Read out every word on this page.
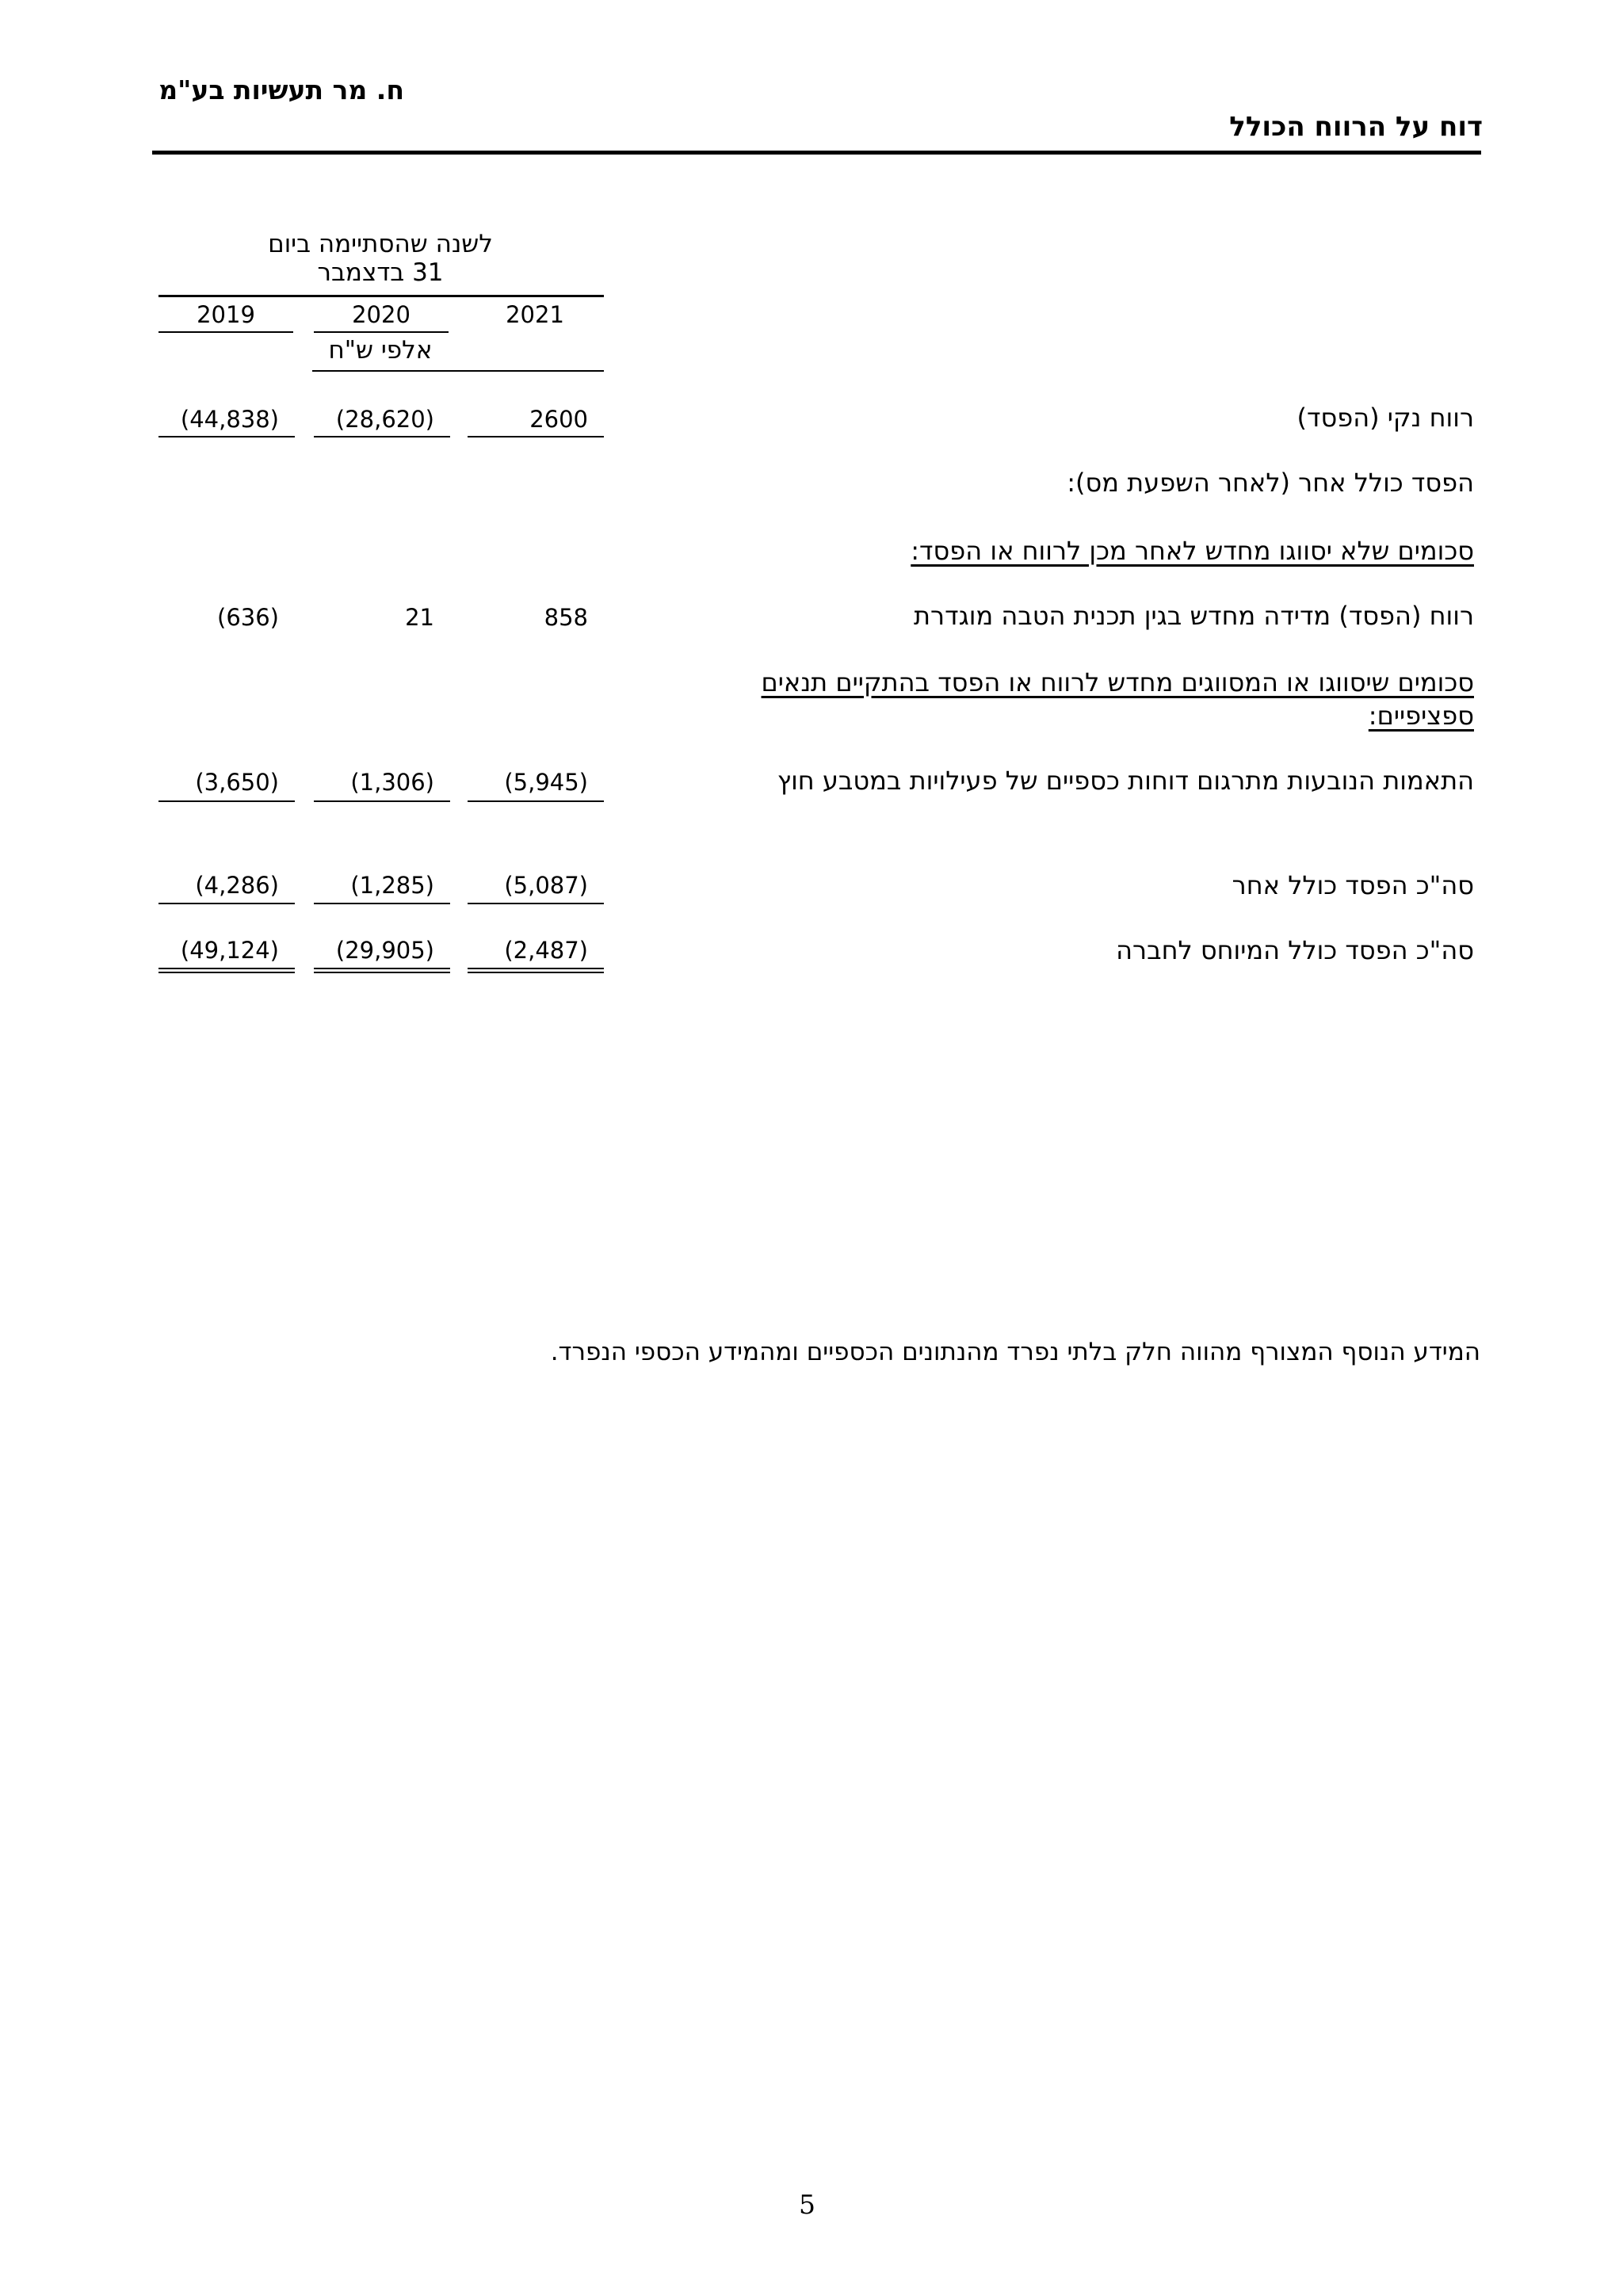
ח. מר תעשיות בע"מ
דוח על הרווח הכולל
לשנה שהסתיימה ביום
31 בדצמבר
2021
2020
2019
אלפי ש"ח
רווח נקי (הפסד)
2600
(28,620)
(44,838)
הפסד כולל אחר (לאחר השפעת מס):
סכומים שלא יסווגו מחדש לאחר מכן לרווח או הפסד:
רווח (הפסד) מדידה מחדש בגין תכנית הטבה מוגדרת
858
21
(636)
סכומים שיסווגו או המסווגים מחדש לרווח או הפסד בהתקיים תנאים
ספציפיים:
התאמות הנובעות מתרגום דוחות כספיים של פעילויות במטבע חוץ
(5,945)
(1,306)
(3,650)
סה"כ הפסד כולל אחר
(5,087)
(1,285)
(4,286)
סה"כ הפסד כולל המיוחס לחברה
(2,487)
(29,905)
(49,124)
המידע הנוסף המצורף מהווה חלק בלתי נפרד מהנתונים הכספיים ומהמידע הכספי הנפרד.
5
